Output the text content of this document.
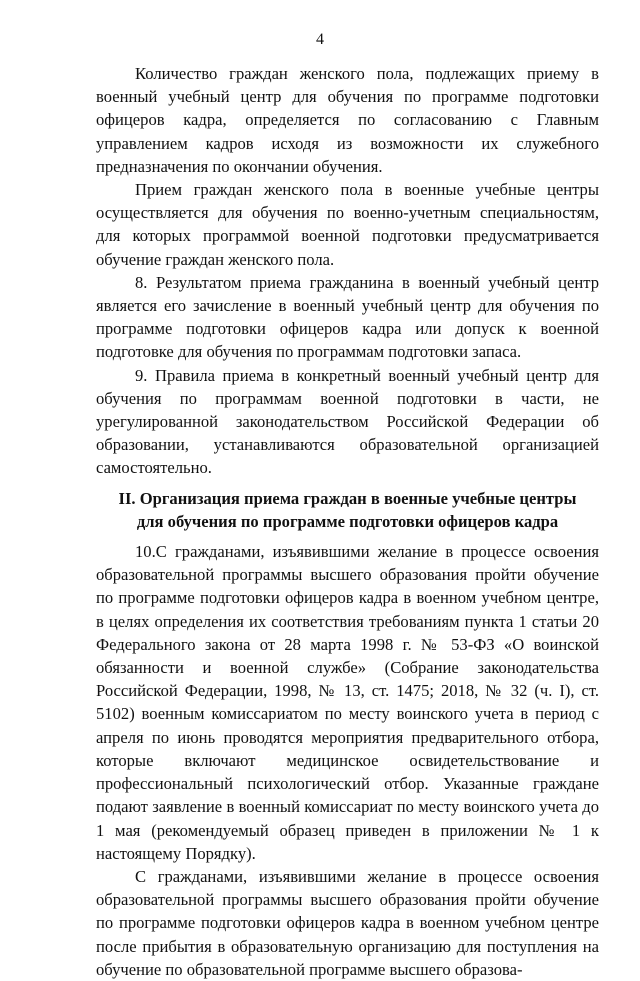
4

Количество граждан женского пола, подлежащих приему в военный учебный центр для обучения по программе подготовки офицеров кадра, определяется по согласованию с Главным управлением кадров исходя из возможности их служебного предназначения по окончании обучения.

Прием граждан женского пола в военные учебные центры осуществляется для обучения по военно-учетным специальностям, для которых программой военной подготовки предусматривается обучение граждан женского пола.

8. Результатом приема гражданина в военный учебный центр является его зачисление в военный учебный центр для обучения по программе подготовки офицеров кадра или допуск к военной подготовке для обучения по программам подготовки запаса.

9. Правила приема в конкретный военный учебный центр для обучения по программам военной подготовки в части, не урегулированной законодательством Российской Федерации об образовании, устанавливаются образовательной организацией самостоятельно.

II. Организация приема граждан в военные учебные центры
для обучения по программе подготовки офицеров кадра

10.С гражданами, изъявившими желание в процессе освоения образовательной программы высшего образования пройти обучение по программе подготовки офицеров кадра в военном учебном центре, в целях определения их соответствия требованиям пункта 1 статьи 20 Федерального закона от 28 марта 1998 г. № 53-ФЗ «О воинской обязанности и военной службе» (Собрание законодательства Российской Федерации, 1998, № 13, ст. 1475; 2018, № 32 (ч. I), ст. 5102) военным комиссариатом по месту воинского учета в период с апреля по июнь проводятся мероприятия предварительного отбора, которые включают медицинское освидетельствование и профессиональный психологический отбор. Указанные граждане подают заявление в военный комиссариат по месту воинского учета до 1 мая (рекомендуемый образец приведен в приложении № 1 к настоящему Порядку).

С гражданами, изъявившими желание в процессе освоения образовательной программы высшего образования пройти обучение по программе подготовки офицеров кадра в военном учебном центре после прибытия в образовательную организацию для поступления на обучение по образовательной программе высшего образова-
